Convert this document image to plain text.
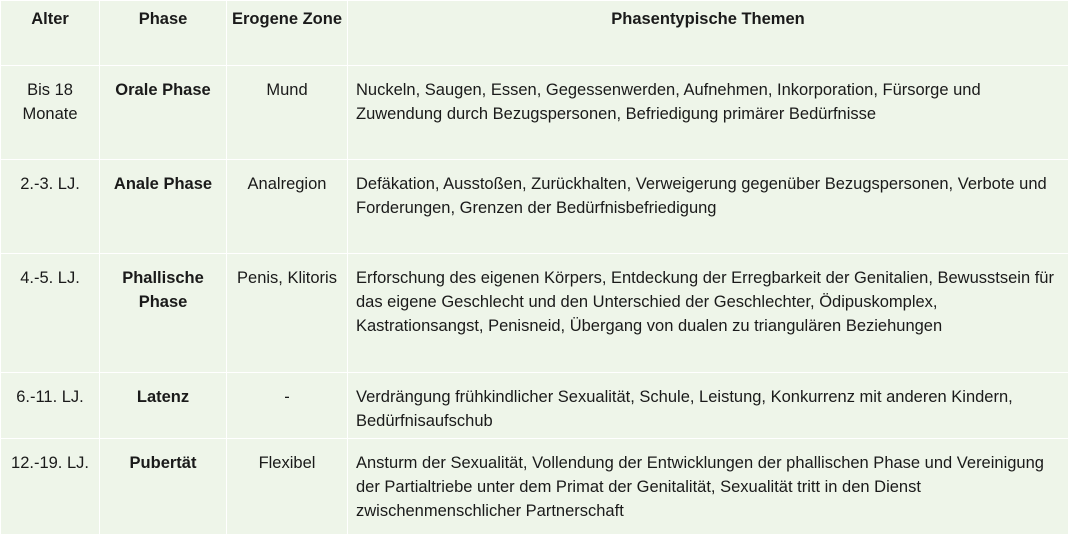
Alter	Phase	Erogene Zone	Phasentypische Themen
Bis 18 Monate	Orale Phase	Mund	Nuckeln, Saugen, Essen, Gegessenwerden, Aufnehmen, Inkorporation, Fürsorge und Zuwendung durch Bezugspersonen, Befriedigung primärer Bedürfnisse
2.-3. LJ.	Anale Phase	Analregion	Defäkation, Ausstoßen, Zurückhalten, Verweigerung gegenüber Bezugspersonen, Verbote und Forderungen, Grenzen der Bedürfnisbefriedigung
4.-5. LJ.	Phallische Phase	Penis, Klitoris	Erforschung des eigenen Körpers, Entdeckung der Erregbarkeit der Genitalien, Bewusstsein für das eigene Geschlecht und den Unterschied der Geschlechter, Ödipuskomplex, Kastrationsangst, Penisneid, Übergang von dualen zu triangulären Beziehungen
6.-11. LJ.	Latenz	-	Verdrängung frühkindlicher Sexualität, Schule, Leistung, Konkurrenz mit anderen Kindern, Bedürfnisaufschub
12.-19. LJ.	Pubertät	Flexibel	Ansturm der Sexualität, Vollendung der Entwicklungen der phallischen Phase und Vereinigung der Partialtriebe unter dem Primat der Genitalität, Sexualität tritt in den Dienst zwischenmenschlicher Partnerschaft
